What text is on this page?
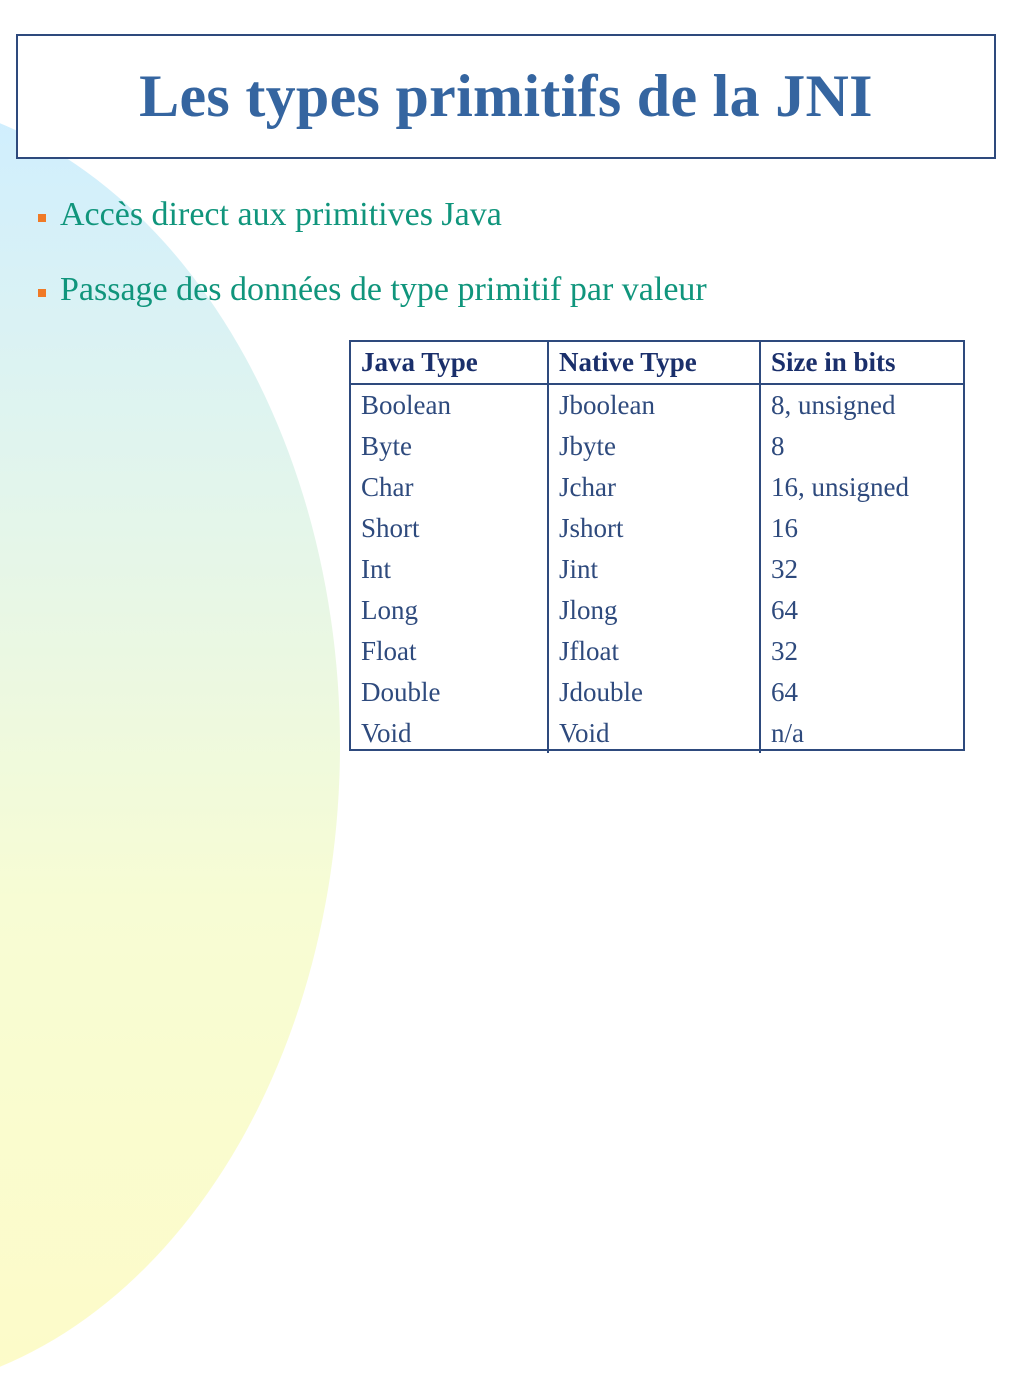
Les types primitifs de la JNI
Accès direct aux primitives Java
Passage des données de type primitif par valeur
Java Type	Native Type	Size in bits
Boolean	Jboolean	8, unsigned
Byte	Jbyte	8
Char	Jchar	16, unsigned
Short	Jshort	16
Int	Jint	32
Long	Jlong	64
Float	Jfloat	32
Double	Jdouble	64
Void	Void	n/a
